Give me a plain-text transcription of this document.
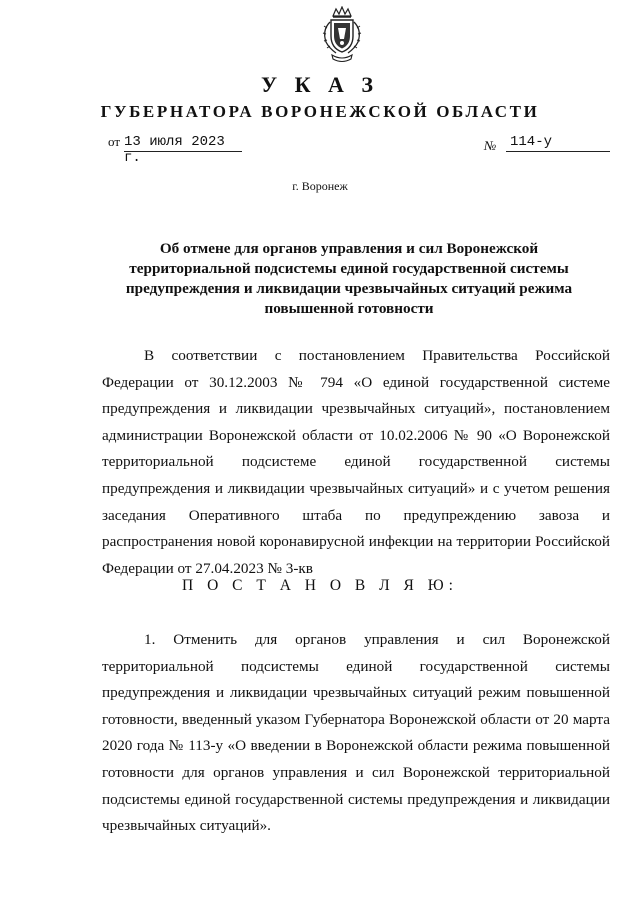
У К А З
ГУБЕРНАТОРА ВОРОНЕЖСКОЙ ОБЛАСТИ
от 13 июля 2023 г.
№ 114-у
г. Воронеж
Об отмене для органов управления и сил Воронежской территориальной подсистемы единой государственной системы предупреждения и ликвидации чрезвычайных ситуаций режима повышенной готовности

В соответствии с постановлением Правительства Российской Федерации от 30.12.2003 № 794 «О единой государственной системе предупреждения и ликвидации чрезвычайных ситуаций», постановлением администрации Воронежской области от 10.02.2006 № 90 «О Воронежской территориальной подсистеме единой государственной системы предупреждения и ликвидации чрезвычайных ситуаций» и с учетом решения заседания Оперативного штаба по предупреждению завоза и распространения новой коронавирусной инфекции на территории Российской Федерации от 27.04.2023 № 3-кв

П О С Т А Н О В Л Я Ю:

1. Отменить для органов управления и сил Воронежской территориальной подсистемы единой государственной системы предупреждения и ликвидации чрезвычайных ситуаций режим повышенной готовности, введенный указом Губернатора Воронежской области от 20 марта 2020 года № 113-у «О введении в Воронежской области режима повышенной готовности для органов управления и сил Воронежской территориальной подсистемы единой государственной системы предупреждения и ликвидации чрезвычайных ситуаций».
